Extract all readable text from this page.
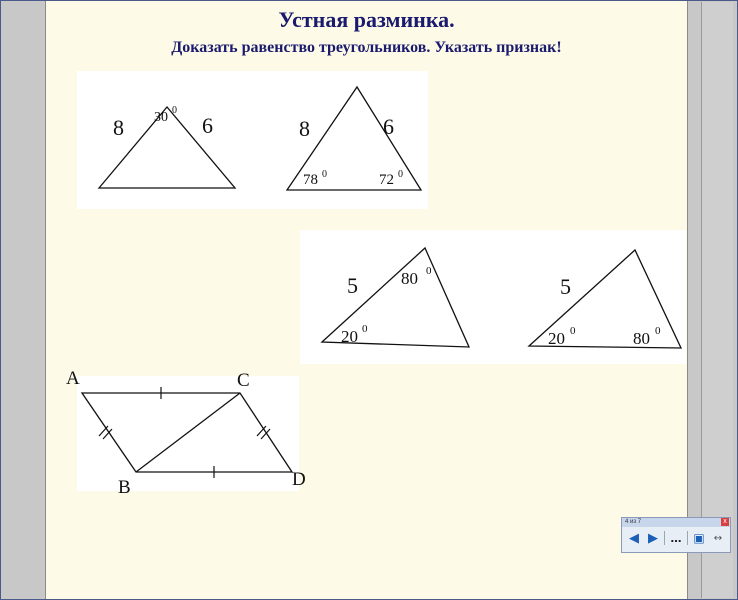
Устная разминка.
Доказать равенство треугольников. Указать признак!
8	6
30 0
8	6
78 0	72 0
5	80 0
20 0
5
20 0	80 0
A	C
B	D
4 из 7	x
◀ ▶ … ▣ ↔
